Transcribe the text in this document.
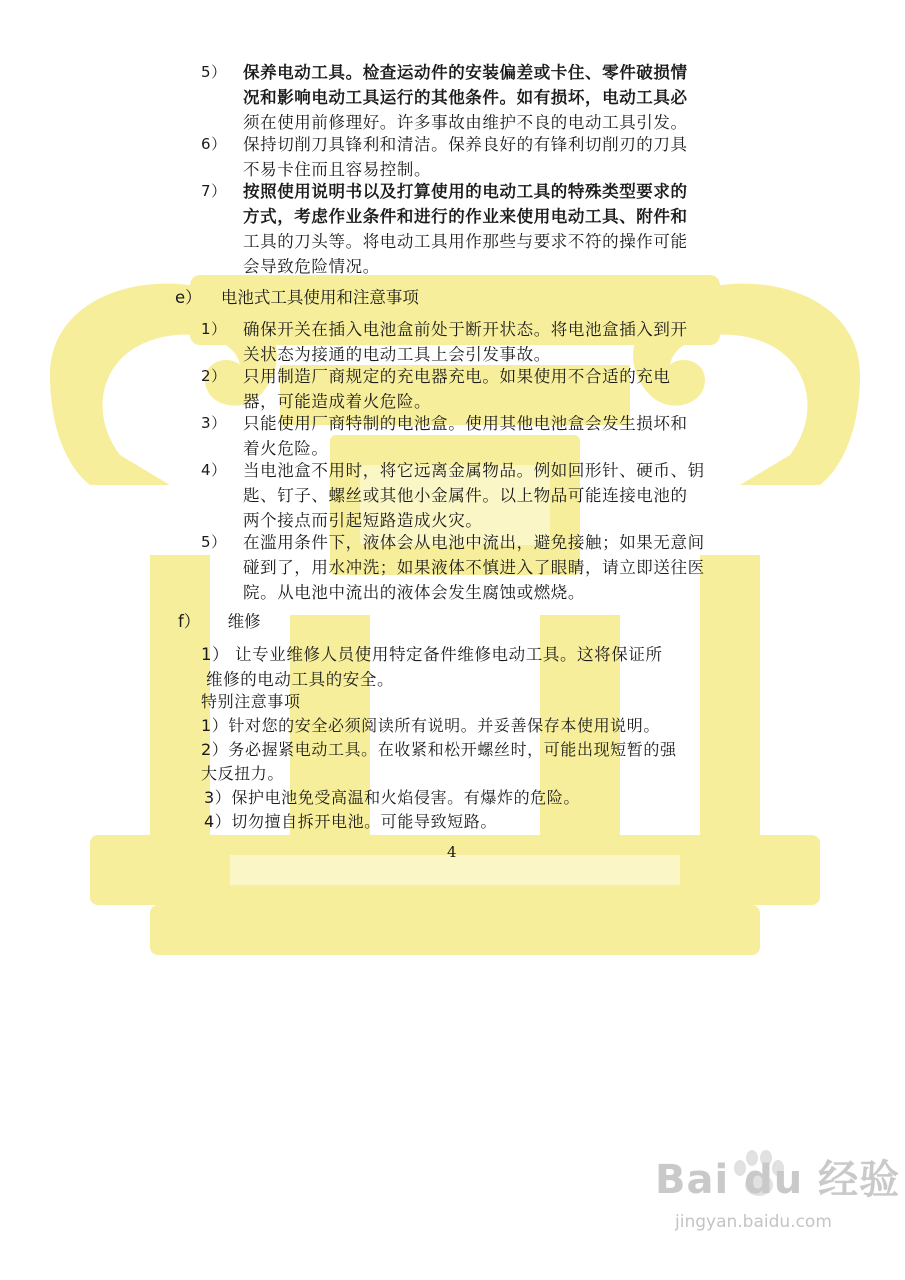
5） 保养电动工具。检查运动件的安装偏差或卡住、零件破损情
况和影响电动工具运行的其他条件。如有损坏，电动工具必
须在使用前修理好。许多事故由维护不良的电动工具引发。
6） 保持切削刀具锋利和清洁。保养良好的有锋利切削刃的刀具
不易卡住而且容易控制。
7） 按照使用说明书以及打算使用的电动工具的特殊类型要求的
方式，考虑作业条件和进行的作业来使用电动工具、附件和
工具的刀头等。将电动工具用作那些与要求不符的操作可能
会导致危险情况。
e） 电池式工具使用和注意事项
1） 确保开关在插入电池盒前处于断开状态。将电池盒插入到开
关状态为接通的电动工具上会引发事故。
2） 只用制造厂商规定的充电器充电。如果使用不合适的充电
器，可能造成着火危险。
3） 只能使用厂商特制的电池盒。使用其他电池盒会发生损坏和
着火危险。
4） 当电池盒不用时，将它远离金属物品。例如回形针、硬币、钥
匙、钉子、螺丝或其他小金属件。以上物品可能连接电池的
两个接点而引起短路造成火灾。
5） 在滥用条件下，液体会从电池中流出，避免接触；如果无意间
碰到了，用水冲洗；如果液体不慎进入了眼睛，请立即送往医
院。从电池中流出的液体会发生腐蚀或燃烧。
f） 维修
1） 让专业维修人员使用特定备件维修电动工具。这将保证所
维修的电动工具的安全。
特别注意事项
1）针对您的安全必须阅读所有说明。并妥善保存本使用说明。
2）务必握紧电动工具。在收紧和松开螺丝时，可能出现短暂的强
大反扭力。
3）保护电池免受高温和火焰侵害。有爆炸的危险。
4）切勿擅自拆开电池。可能导致短路。
4
Bai du 经验
jingyan.baidu.com
